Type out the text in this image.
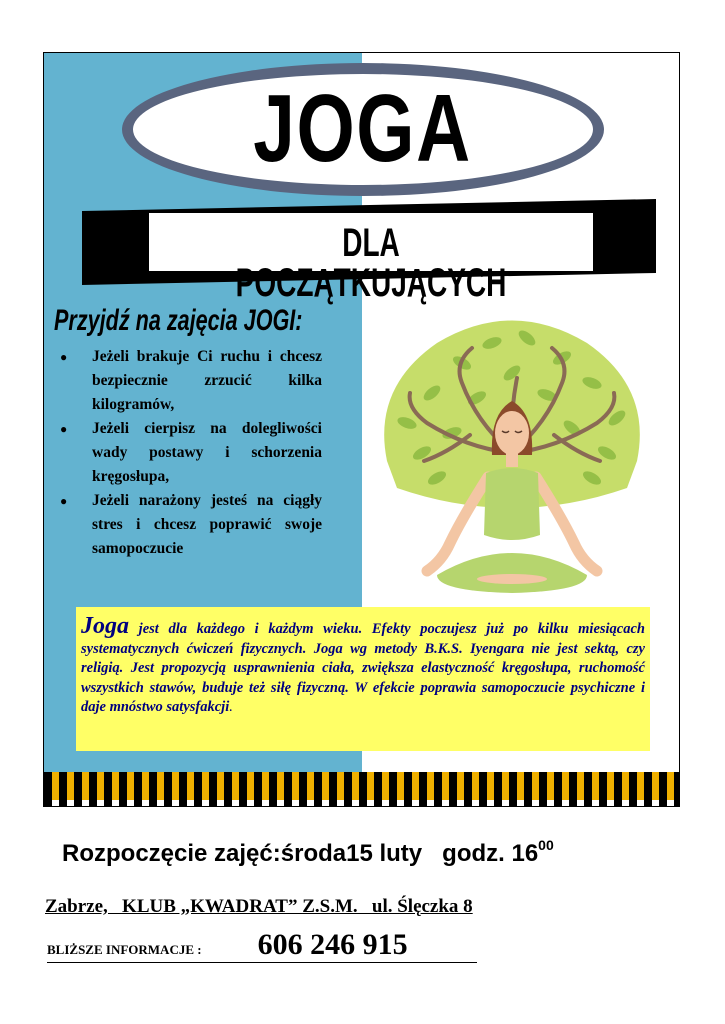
JOGA
DLA POCZĄTKUJĄCYCH
Przyjdź na zajęcia JOGI:
● Jeżeli brakuje Ci ruchu i chcesz bezpiecznie zrzucić kilka kilogramów,
● Jeżeli cierpisz na dolegliwości wady postawy i schorzenia kręgosłupa,
● Jeżeli narażony jesteś na ciągły stres i chcesz poprawić swoje samopoczucie

Joga jest dla każdego i każdym wieku. Efekty poczujesz już po kilku miesiącach systematycznych ćwiczeń fizycznych. Joga wg metody B.K.S. Iyengara nie jest sektą, czy religią. Jest propozycją usprawnienia ciała, zwiększa elastyczność kręgosłupa, ruchomość wszystkich stawów, buduje też siłę fizyczną. W efekcie poprawia samopoczucie psychiczne i daje mnóstwo satysfakcji.

Rozpoczęcie zajęć:środa15 luty godz. $16^{00}$
Zabrze,   KLUB „KWADRAT” Z.S.M.   ul. Ślęczka 8
BLIŻSZE INFORMACJE : 606 246 915
